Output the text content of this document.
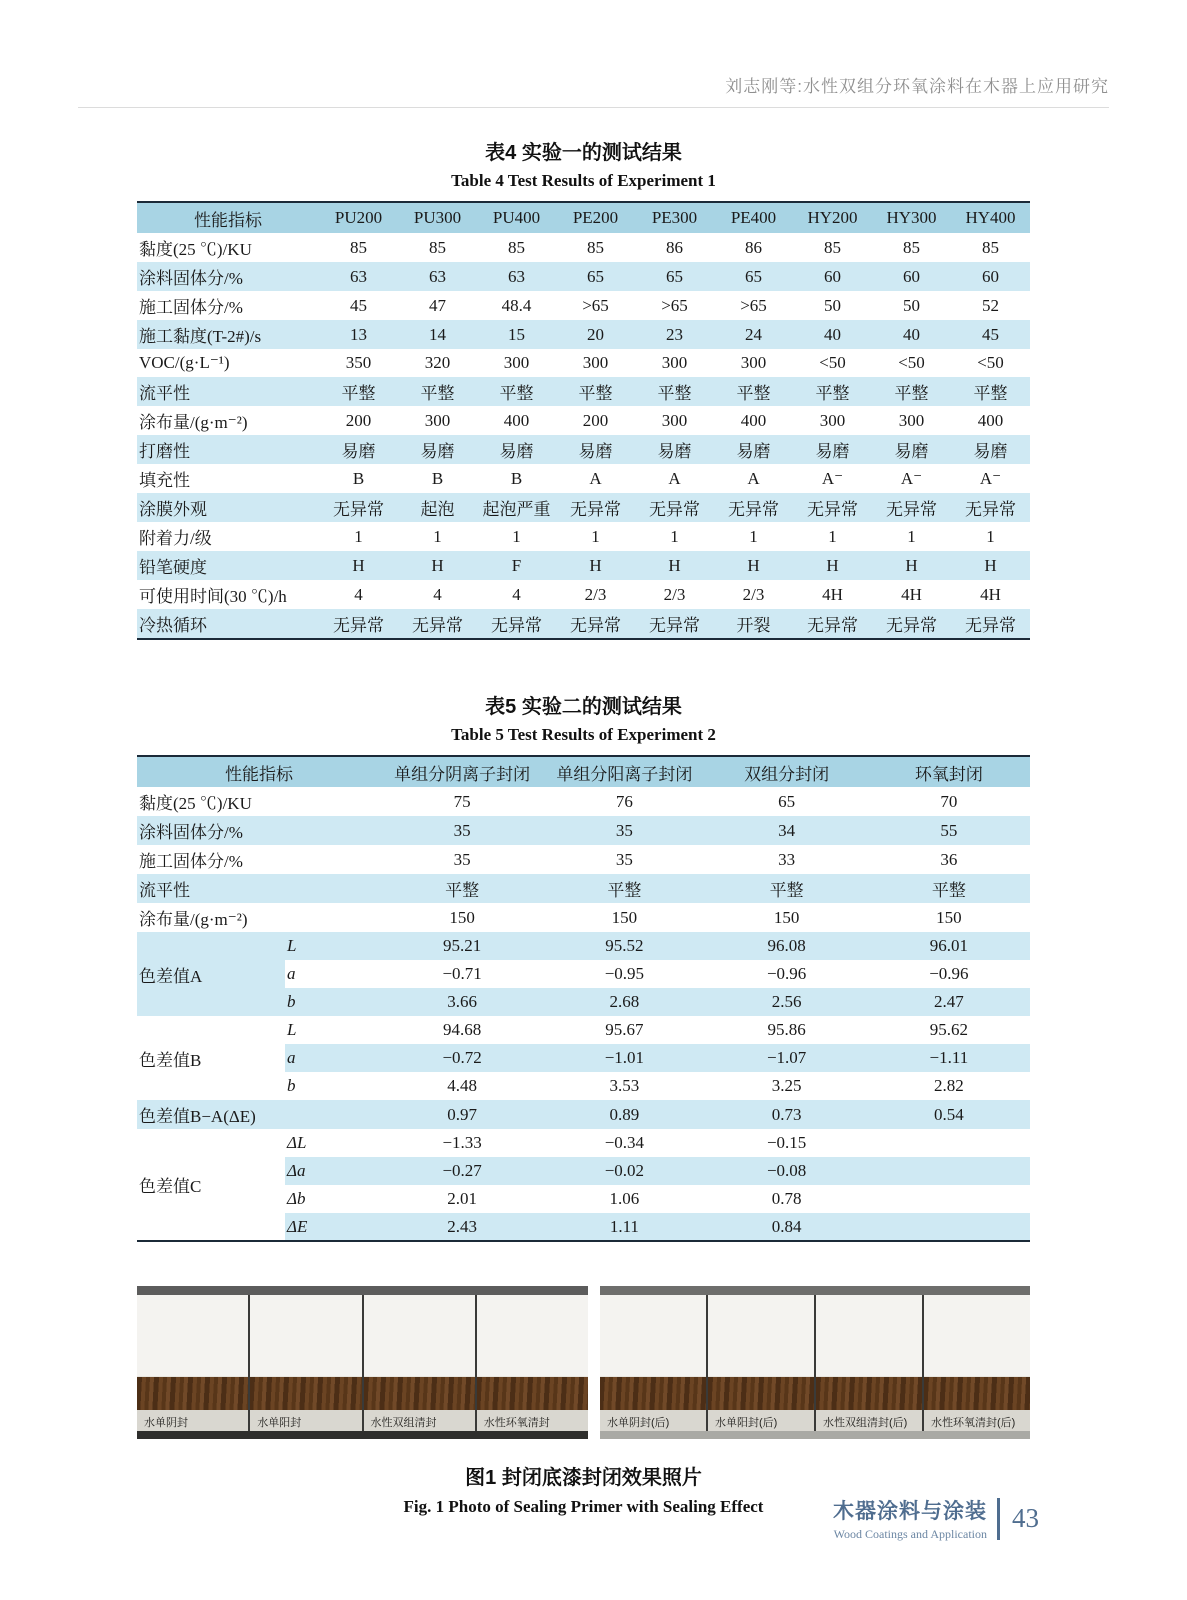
刘志刚等:水性双组分环氧涂料在木器上应用研究
表4 实验一的测试结果
Table 4 Test Results of Experiment 1
性能指标	PU200	PU300	PU400	PE200	PE300	PE400	HY200	HY300	HY400
黏度(25 ℃)/KU	85	85	85	85	86	86	85	85	85
涂料固体分/%	63	63	63	65	65	65	60	60	60
施工固体分/%	45	47	48.4	>65	>65	>65	50	50	52
施工黏度(T-2#)/s	13	14	15	20	23	24	40	40	45
VOC/(g·L⁻¹)	350	320	300	300	300	300	<50	<50	<50
流平性	平整	平整	平整	平整	平整	平整	平整	平整	平整
涂布量/(g·m⁻²)	200	300	400	200	300	400	300	300	400
打磨性	易磨	易磨	易磨	易磨	易磨	易磨	易磨	易磨	易磨
填充性	B	B	B	A	A	A	A⁻	A⁻	A⁻
涂膜外观	无异常	起泡	起泡严重	无异常	无异常	无异常	无异常	无异常	无异常
附着力/级	1	1	1	1	1	1	1	1	1
铅笔硬度	H	H	F	H	H	H	H	H	H
可使用时间(30 ℃)/h	4	4	4	2/3	2/3	2/3	4H	4H	4H
冷热循环	无异常	无异常	无异常	无异常	无异常	开裂	无异常	无异常	无异常
表5 实验二的测试结果
Table 5 Test Results of Experiment 2
性能指标		单组分阴离子封闭	单组分阳离子封闭	双组分封闭	环氧封闭
黏度(25 ℃)/KU		75	76	65	70
涂料固体分/%		35	35	34	55
施工固体分/%		35	35	33	36
流平性		平整	平整	平整	平整
涂布量/(g·m⁻²)		150	150	150	150
色差值A	L	95.21	95.52	96.08	96.01
	a	−0.71	−0.95	−0.96	−0.96
	b	3.66	2.68	2.56	2.47
色差值B	L	94.68	95.67	95.86	95.62
	a	−0.72	−1.01	−1.07	−1.11
	b	4.48	3.53	3.25	2.82
色差值B−A(ΔE)		0.97	0.89	0.73	0.54
色差值C	ΔL	−1.33	−0.34	−0.15	
	Δa	−0.27	−0.02	−0.08	
	Δb	2.01	1.06	0.78	
	ΔE	2.43	1.11	0.84	
水单阴封	水单阳封	水性双组清封	水性环氧清封	水单阴封(后)	水单阳封(后)	水性双组清封(后)	水性环氧清封(后)
图1 封闭底漆封闭效果照片
Fig. 1 Photo of Sealing Primer with Sealing Effect	木器涂料与涂装
Wood Coatings and Application
43
